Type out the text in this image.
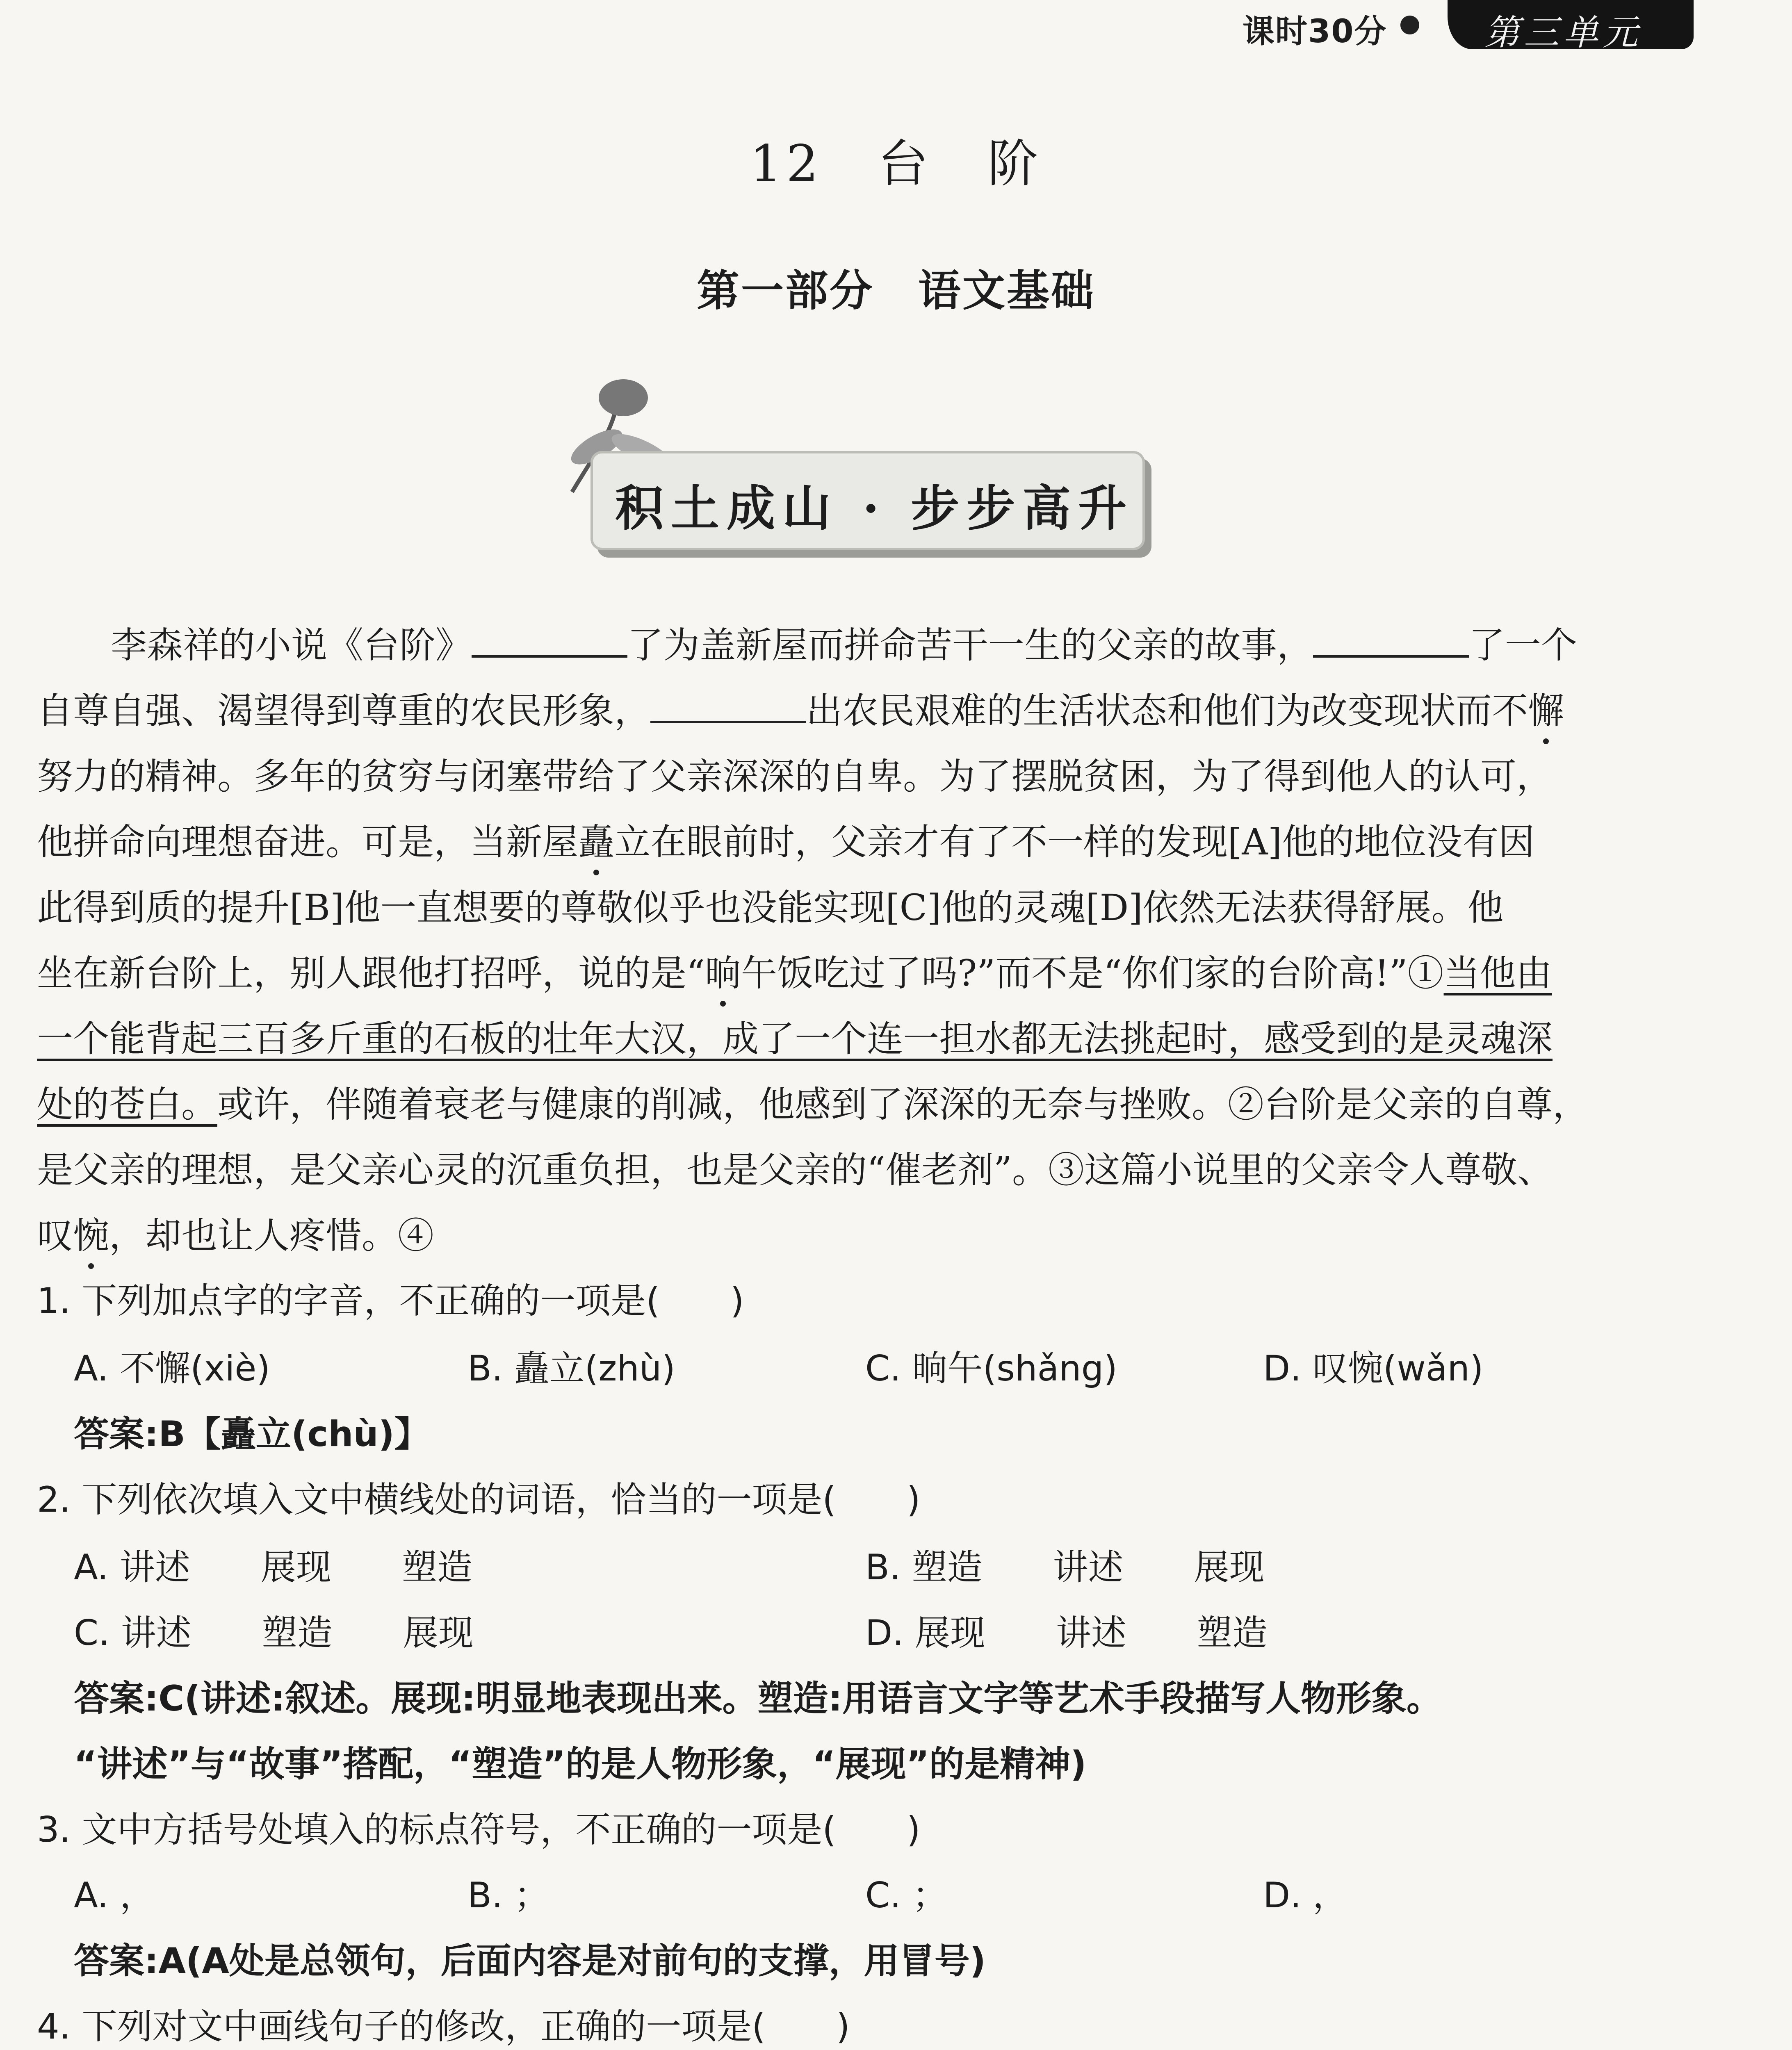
课时30分	第三单元
12　台　阶
第一部分　语文基础
积土成山 · 步步高升
李森祥的小说《台阶》	了为盖新屋而拼命苦干一生的父亲的故事，	了一个
自尊自强、渴望得到尊重的农民形象，	出农民艰难的生活状态和他们为改变现状而不懈
努力的精神。多年的贫穷与闭塞带给了父亲深深的自卑。为了摆脱贫困，为了得到他人的认可，
他拼命向理想奋进。可是，当新屋矗立在眼前时，父亲才有了不一样的发现[A]他的地位没有因
此得到质的提升[B]他一直想要的尊敬似乎也没能实现[C]他的灵魂[D]依然无法获得舒展。他
坐在新台阶上，别人跟他打招呼，说的是“晌午饭吃过了吗?”而不是“你们家的台阶高!”①当他由
一个能背起三百多斤重的石板的壮年大汉，成了一个连一担水都无法挑起时，感受到的是灵魂深
处的苍白。或许，伴随着衰老与健康的削减，他感到了深深的无奈与挫败。②台阶是父亲的自尊，
是父亲的理想，是父亲心灵的沉重负担，也是父亲的“催老剂”。③这篇小说里的父亲令人尊敬、
叹惋，却也让人疼惜。④
1. 下列加点字的字音，不正确的一项是(　　)
A. 不懈(xiè)	B. 矗立(zhù)	C. 晌午(shǎng)	D. 叹惋(wǎn)
答案:B【矗立(chù)】
2. 下列依次填入文中横线处的词语，恰当的一项是(　　)
A. 讲述　　展现　　塑造	B. 塑造　　讲述　　展现
C. 讲述　　塑造　　展现	D. 展现　　讲述　　塑造
答案:C(讲述:叙述。展现:明显地表现出来。塑造:用语言文字等艺术手段描写人物形象。
“讲述”与“故事”搭配，“塑造”的是人物形象，“展现”的是精神)
3. 文中方括号处填入的标点符号，不正确的一项是(　　)
A. ，	B. ；	C. ；	D. ，
答案:A(A处是总领句，后面内容是对前句的支撑，用冒号)
4. 下列对文中画线句子的修改，正确的一项是(　　)
